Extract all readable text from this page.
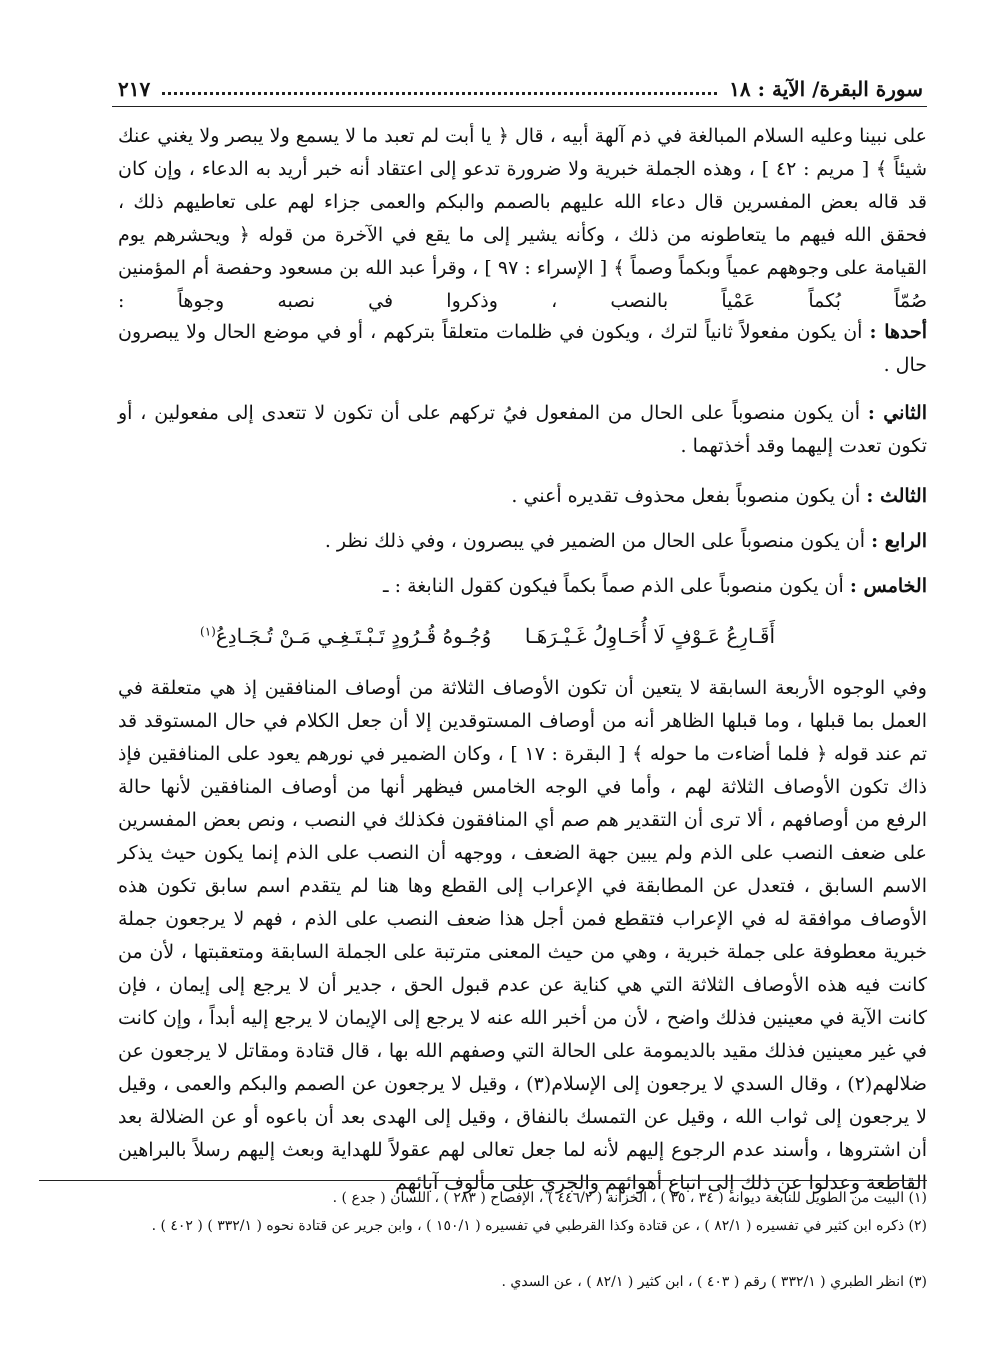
سورة البقرة/ الآية : ١٨
٢١٧

على نبينا وعليه السلام المبالغة في ذم آلهة أبيه ، قال ﴿ يا أبت لم تعبد ما لا يسمع ولا يبصر ولا يغني عنك شيئاً ﴾ [ مريم : ٤٢ ] ، وهذه الجملة خبرية ولا ضرورة تدعو إلى اعتقاد أنه خبر أريد به الدعاء ، وإن كان قد قاله بعض المفسرين قال دعاء الله عليهم بالصمم والبكم والعمى جزاء لهم على تعاطيهم ذلك ، فحقق الله فيهم ما يتعاطونه من ذلك ، وكأنه يشير إلى ما يقع في الآخرة من قوله ﴿ ويحشرهم يوم القيامة على وجوههم عمياً وبكماً وصماً ﴾ [ الإسراء : ٩٧ ] ، وقرأ عبد الله بن مسعود وحفصة أم المؤمنين صُمّاً بُكماً عَمْياً بالنصب ، وذكروا في نصبه وجوهاً :

أحدها : أن يكون مفعولاً ثانياً لترك ، ويكون في ظلمات متعلقاً بتركهم ، أو في موضع الحال ولا يبصرون حال .

الثاني : أن يكون منصوباً على الحال من المفعول فيُ تركهم على أن تكون لا تتعدى إلى مفعولين ، أو تكون تعدت إليهما وقد أخذتهما .

الثالث : أن يكون منصوباً بفعل محذوف تقديره أعني .

الرابع : أن يكون منصوباً على الحال من الضمير في يبصرون ، وفي ذلك نظر .

الخامس : أن يكون منصوباً على الذم صماً بكماً فيكون كقول النابغة : ـ

أَقَـارِعُ عَـوْفٍ لَا أُحَـاوِلُ غَـيْـرَهَـا
وُجُـوهُ قُـرُودٍ تَـبْـتَـغِـي مَـنْ تُـجَـادِعُ$^{(١)}$

وفي الوجوه الأربعة السابقة لا يتعين أن تكون الأوصاف الثلاثة من أوصاف المنافقين إذ هي متعلقة في العمل بما قبلها ، وما قبلها الظاهر أنه من أوصاف المستوقدين إلا أن جعل الكلام في حال المستوقد قد تم عند قوله ﴿ فلما أضاءت ما حوله ﴾ [ البقرة : ١٧ ] ، وكان الضمير في نورهم يعود على المنافقين فإذ ذاك تكون الأوصاف الثلاثة لهم ، وأما في الوجه الخامس فيظهر أنها من أوصاف المنافقين لأنها حالة الرفع من أوصافهم ، ألا ترى أن التقدير هم صم أي المنافقون فكذلك في النصب ، ونص بعض المفسرين على ضعف النصب على الذم ولم يبين جهة الضعف ، ووجهه أن النصب على الذم إنما يكون حيث يذكر الاسم السابق ، فتعدل عن المطابقة في الإعراب إلى القطع وها هنا لم يتقدم اسم سابق تكون هذه الأوصاف موافقة له في الإعراب فتقطع فمن أجل هذا ضعف النصب على الذم ، فهم لا يرجعون جملة خبرية معطوفة على جملة خبرية ، وهي من حيث المعنى مترتبة على الجملة السابقة ومتعقبتها ، لأن من كانت فيه هذه الأوصاف الثلاثة التي هي كناية عن عدم قبول الحق ، جدير أن لا يرجع إلى إيمان ، فإن كانت الآية في معينين فذلك واضح ، لأن من أخبر الله عنه لا يرجع إلى الإيمان لا يرجع إليه أبداً ، وإن كانت في غير معينين فذلك مقيد بالديمومة على الحالة التي وصفهم الله بها ، قال قتادة ومقاتل لا يرجعون عن ضلالهم(٢) ، وقال السدي لا يرجعون إلى الإسلام(٣) ، وقيل لا يرجعون عن الصمم والبكم والعمى ، وقيل لا يرجعون إلى ثواب الله ، وقيل عن التمسك بالنفاق ، وقيل إلى الهدى بعد أن باعوه أو عن الضلالة بعد أن اشتروها ، وأسند عدم الرجوع إليهم لأنه لما جعل تعالى لهم عقولاً للهداية وبعث إليهم رسلاً بالبراهين القاطعة وعدلوا عن ذلك إلى اتباع أهوائهم والجري على مألوف آبائهم

(١) البيت من الطويل للنابغة ديوانه ( ٣٤ ، ٣٥ ) ، الخزانة ( ٤٤٦/٢ ) ، الإفصاح ( ٢٨٣ ) ، اللسان ( جدع ) .

(٢) ذكره ابن كثير في تفسيره ( ٨٢/١ ) ، عن قتادة وكذا القرطبي في تفسيره ( ١٥٠/١ ) ، وابن جرير عن قتادة نحوه ( ٣٣٢/١ ) ( ٤٠٢ ) .

(٣) انظر الطبري ( ٣٣٢/١ ) رقم ( ٤٠٣ ) ، ابن كثير ( ٨٢/١ ) ، عن السدي .
